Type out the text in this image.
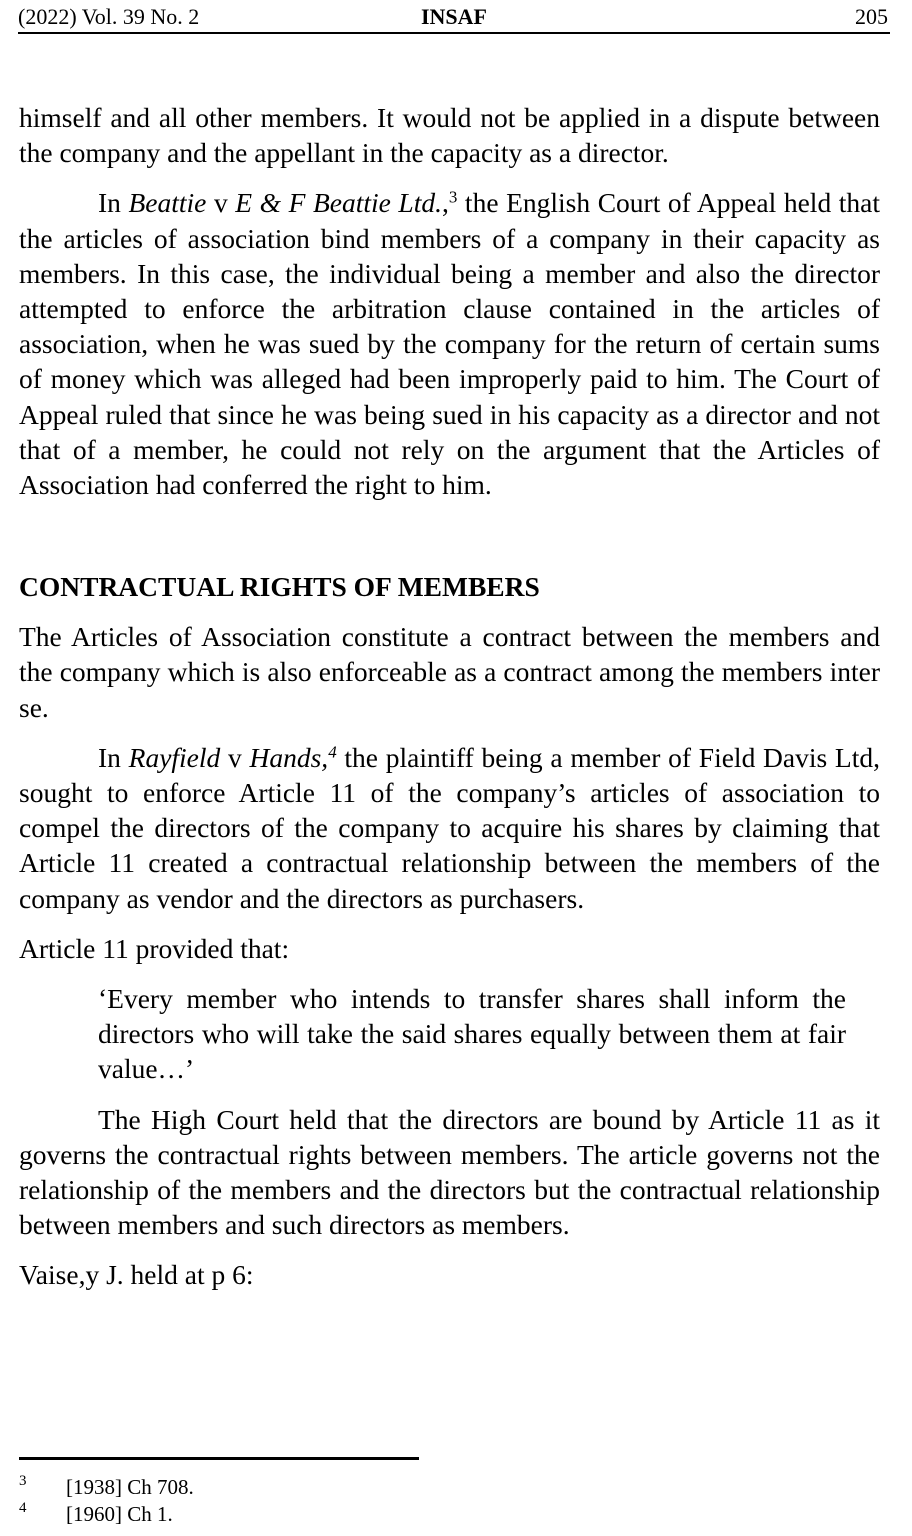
(2022) Vol. 39 No. 2	INSAF	205

himself and all other members. It would not be applied in a dispute between the company and the appellant in the capacity as a director.

In Beattie v E & F Beattie Ltd.,$^3$ the English Court of Appeal held that the articles of association bind members of a company in their capacity as members. In this case, the individual being a member and also the director attempted to enforce the arbitration clause contained in the articles of association, when he was sued by the company for the return of certain sums of money which was alleged had been improperly paid to him. The Court of Appeal ruled that since he was being sued in his capacity as a director and not that of a member, he could not rely on the argument that the Articles of Association had conferred the right to him.

CONTRACTUAL RIGHTS OF MEMBERS

The Articles of Association constitute a contract between the members and the company which is also enforceable as a contract among the members inter se.

In Rayfield v Hands,$^4$ the plaintiff being a member of Field Davis Ltd, sought to enforce Article 11 of the company’s articles of association to compel the directors of the company to acquire his shares by claiming that Article 11 created a contractual relationship between the members of the company as vendor and the directors as purchasers.

Article 11 provided that:

‘Every member who intends to transfer shares shall inform the directors who will take the said shares equally between them at fair value…’

The High Court held that the directors are bound by Article 11 as it governs the contractual rights between members. The article governs not the relationship of the members and the directors but the contractual relationship between members and such directors as members.

Vaise,y J. held at p 6:

3 [1938] Ch 708.
4 [1960] Ch 1.
